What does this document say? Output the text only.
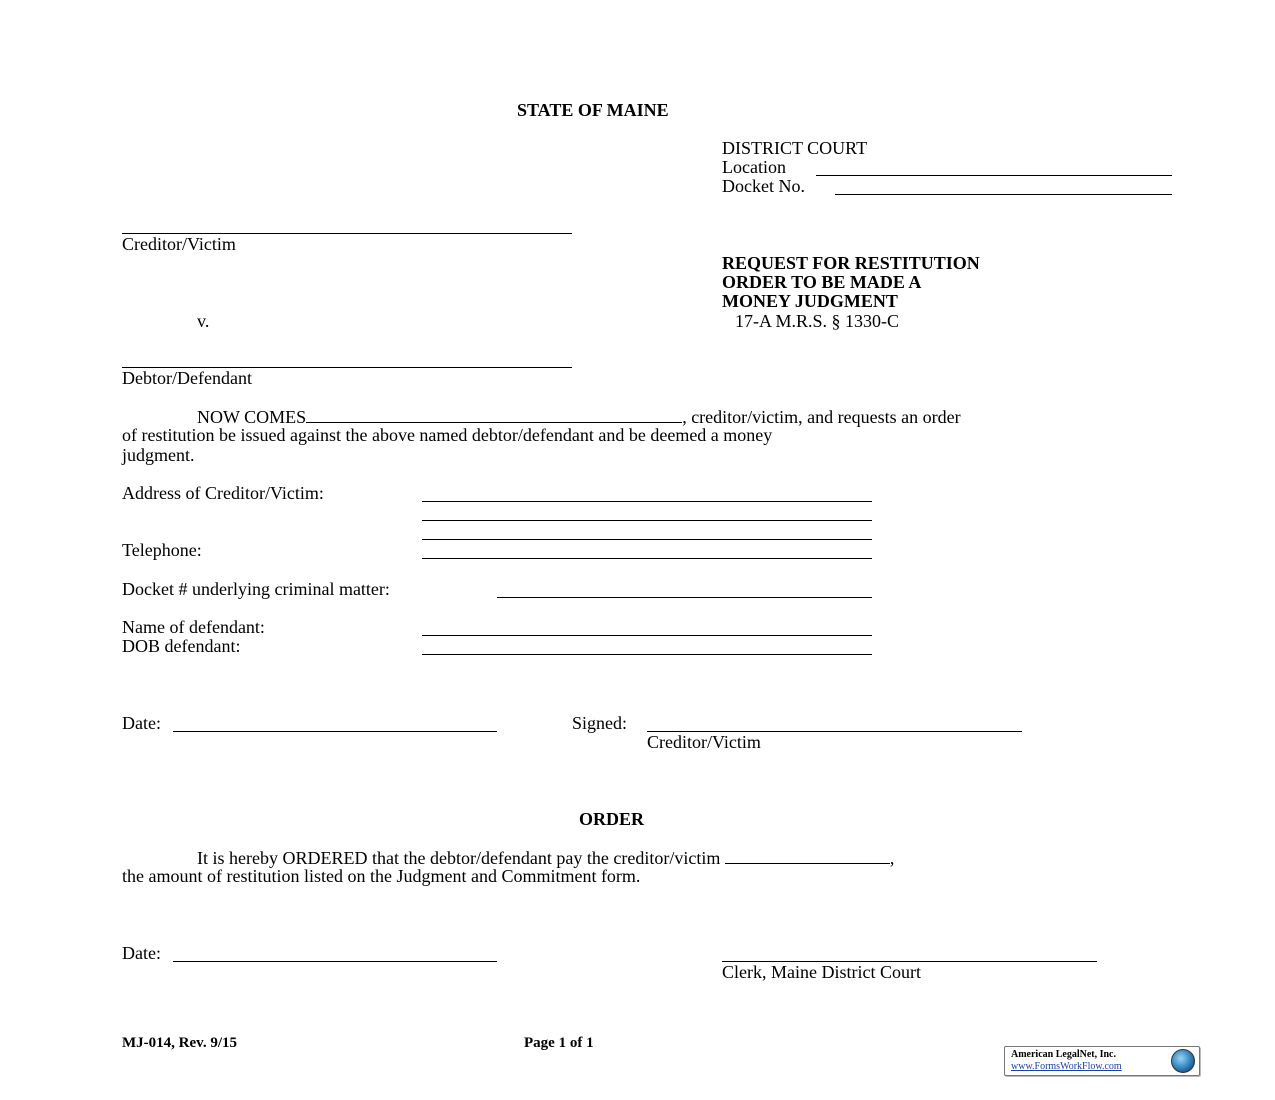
STATE OF MAINE
DISTRICT COURT
Location
Docket No.
Creditor/Victim
v.
Debtor/Defendant
REQUEST FOR RESTITUTION
ORDER TO BE MADE A
MONEY JUDGMENT
17-A M.R.S. § 1330-C
NOW COMES	, creditor/victim, and requests an order
of restitution be issued against the above named debtor/defendant and be deemed a money
judgment.
Address of Creditor/Victim:
Telephone:
Docket # underlying criminal matter:
Name of defendant:
DOB defendant:
Date:	Signed:
Creditor/Victim
ORDER
It is hereby ORDERED that the debtor/defendant pay the creditor/victim	,
the amount of restitution listed on the Judgment and Commitment form.
Date:
Clerk, Maine District Court
MJ-014, Rev. 9/15	Page 1 of 1
American LegalNet, Inc.
www.FormsWorkFlow.com
